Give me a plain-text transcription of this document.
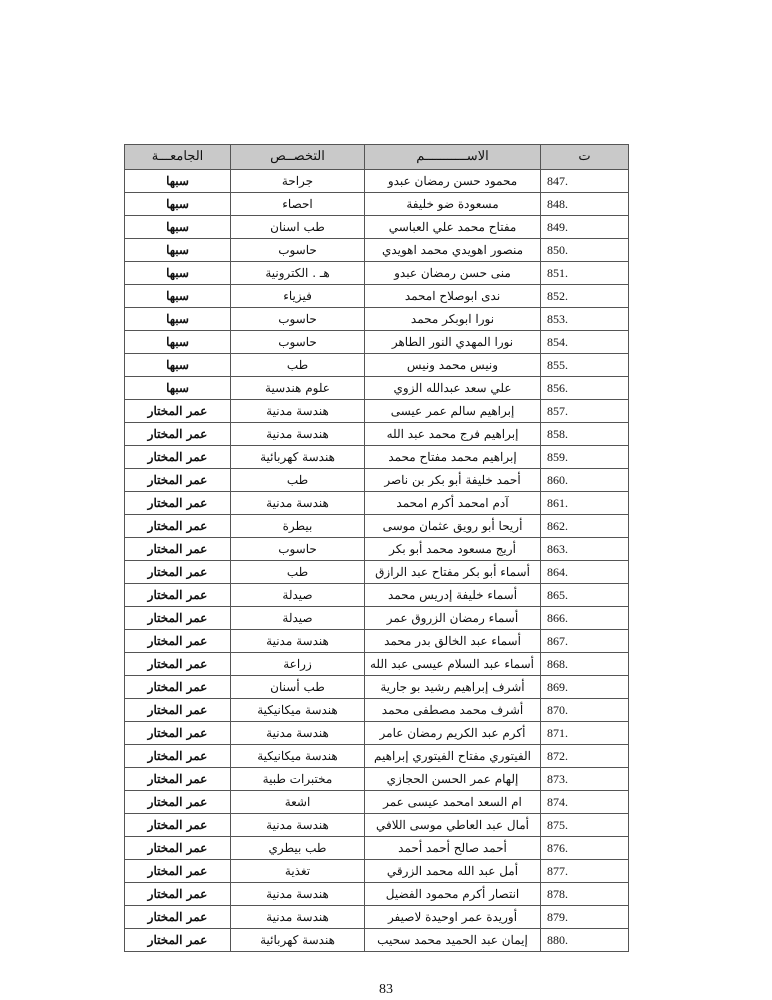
ت	الاســـــــــــم	التخصــص	الجامعـــة
847.	محمود حسن رمضان عبدو	جراحة	سبها
848.	مسعودة ضو خليفة	احصاء	سبها
849.	مفتاح محمد علي العباسي	طب اسنان	سبها
850.	منصور اهويدي محمد اهويدي	حاسوب	سبها
851.	منى حسن رمضان عبدو	هـ . الكترونية	سبها
852.	ندى ابوصلاح امحمد	فيزياء	سبها
853.	نورا ابوبكر محمد	حاسوب	سبها
854.	نورا المهدي النور الطاهر	حاسوب	سبها
855.	ونيس محمد ونيس	طب	سبها
856.	علي سعد عبدالله الزوي	علوم هندسية	سبها
857.	إبراهيم سالم عمر عيسى	هندسة مدنية	عمر المختار
858.	إبراهيم فرج محمد عبد الله	هندسة مدنية	عمر المختار
859.	إبراهيم محمد مفتاح محمد	هندسة كهربائية	عمر المختار
860.	أحمد خليفة أبو بكر بن ناصر	طب	عمر المختار
861.	آدم امحمد أكرم امحمد	هندسة مدنية	عمر المختار
862.	أريحا أبو رويق عثمان موسى	بيطرة	عمر المختار
863.	أريج مسعود محمد أبو بكر	حاسوب	عمر المختار
864.	أسماء أبو بكر مفتاح عبد الرازق	طب	عمر المختار
865.	أسماء خليفة إدريس محمد	صيدلة	عمر المختار
866.	أسماء رمضان الزروق عمر	صيدلة	عمر المختار
867.	أسماء عبد الخالق بدر محمد	هندسة مدنية	عمر المختار
868.	أسماء عبد السلام عيسى عبد الله	زراعة	عمر المختار
869.	أشرف إبراهيم رشيد بو جارية	طب أسنان	عمر المختار
870.	أشرف محمد مصطفى محمد	هندسة ميكانيكية	عمر المختار
871.	أكرم عبد الكريم رمضان عامر	هندسة مدنية	عمر المختار
872.	الفيتوري مفتاح الفيتوري إبراهيم	هندسة ميكانيكية	عمر المختار
873.	إلهام عمر الحسن الحجازي	مختبرات طبية	عمر المختار
874.	ام السعد امحمد عيسى عمر	اشعة	عمر المختار
875.	أمال عبد العاطي موسى اللافي	هندسة مدنية	عمر المختار
876.	أحمد صالح أحمد أحمد	طب بيطري	عمر المختار
877.	أمل عبد الله محمد الزرقي	تغذية	عمر المختار
878.	انتصار أكرم محمود الفضيل	هندسة مدنية	عمر المختار
879.	أوريدة عمر اوحيدة لاصيفر	هندسة مدنية	عمر المختار
880.	إيمان عبد الحميد محمد سحيب	هندسة كهربائية	عمر المختار
83
